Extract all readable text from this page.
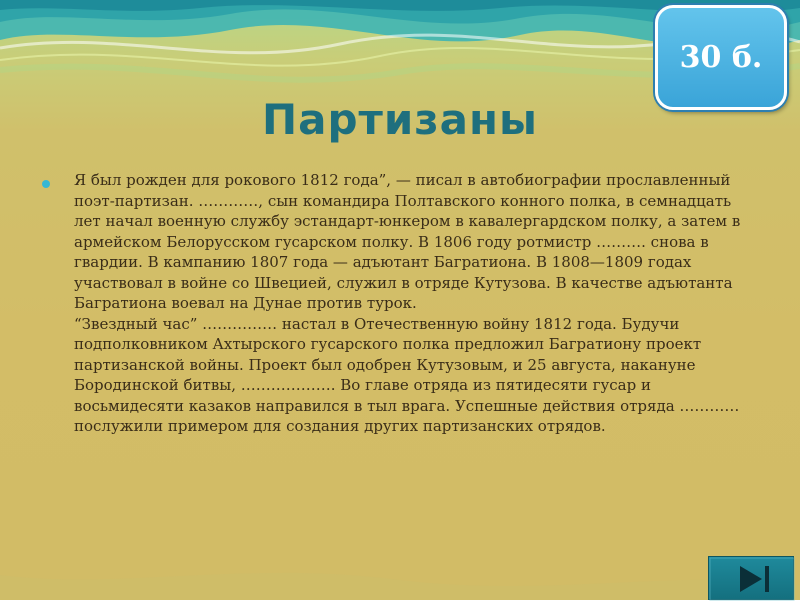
Партизаны
30 б.
Я был рожден для рокового 1812 года”, — писал в автобиографии прославленный поэт-партизан. …………, сын командира Полтавского конного полка, в семнадцать лет начал военную службу эстандарт-юнкером в кавалергардском полку, а затем в армейском Белорусском гусарском полку. В 1806 году ротмистр ………. снова в гвардии. В кампанию 1807 года — адъютант Багратиона. В 1808—1809 годах участвовал в войне со Швецией, служил в отряде Кутузова. В качестве адъютанта Багратиона воевал на Дунае против турок.
“Звездный час” …………… настал в Отечественную войну 1812 года. Будучи подполковником Ахтырского гусарского полка предложил Багратиону проект партизанской войны. Проект был одобрен Кутузовым, и 25 августа, накануне Бородинской битвы, ………………. Во главе отряда из пятидесяти гусар и восьмидесяти казаков направился в тыл врага. Успешные действия отряда ………… послужили примером для создания других партизанских отрядов.
